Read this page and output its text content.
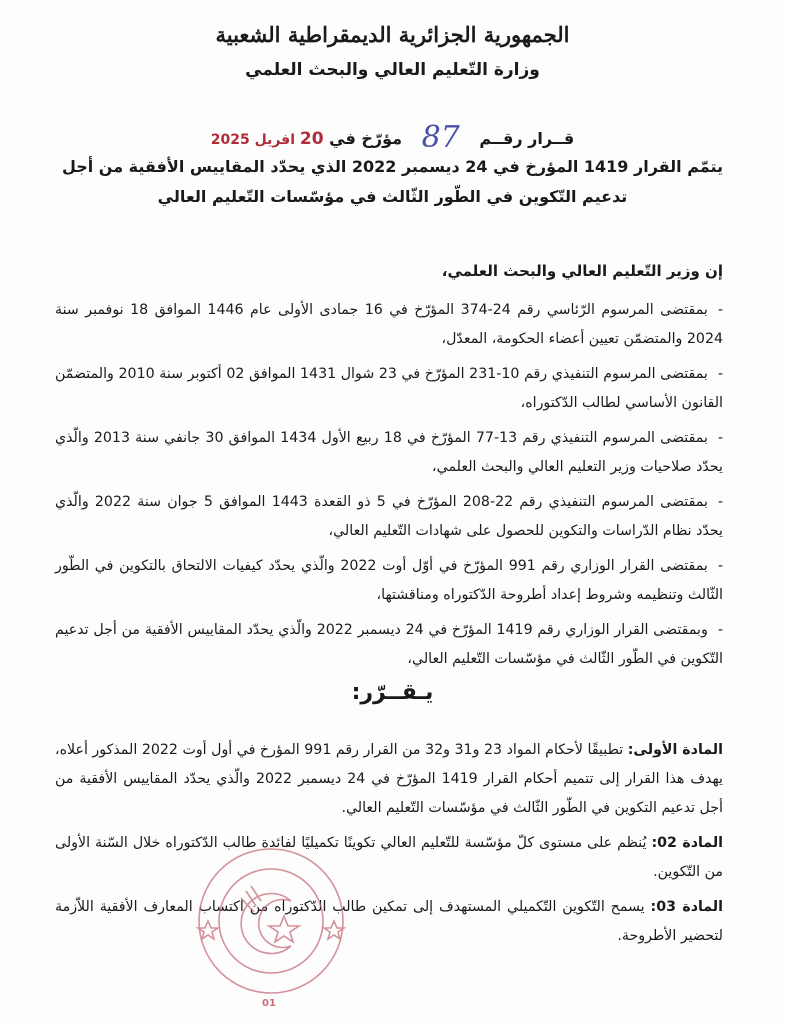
الجمهورية الجزائرية الديمقراطية الشعبية
وزارة التّعليم العالي والبحث العلمي
قــرار رقــم 87 مؤرّخ في 20 افريل 2025
يتمّم القرار 1419 المؤرخ في 24 ديسمبر 2022 الذي يحدّد المقاييس الأفقية من أجل تدعيم التّكوين في الطّور الثّالث في مؤسّسات التّعليم العالي
إن وزير التّعليم العالي والبحث العلمي،
-بمقتضى المرسوم الرّئاسي رقم 24-374 المؤرّخ في 16 جمادى الأولى عام 1446 الموافق 18 نوفمبر سنة 2024 والمتضمّن تعيين أعضاء الحكومة، المعدّل،
-بمقتضى المرسوم التنفيذي رقم 10-231 المؤرّخ في 23 شوال 1431 الموافق 02 أكتوبر سنة 2010 والمتضمّن القانون الأساسي لطالب الدّكتوراه،
-بمقتضى المرسوم التنفيذي رقم 13-77 المؤرّخ في 18 ربيع الأول 1434 الموافق 30 جانفي سنة 2013 والّذي يحدّد صلاحيات وزير التعليم العالي والبحث العلمي،
-بمقتضى المرسوم التنفيذي رقم 22-208 المؤرّخ في 5 ذو القعدة 1443 الموافق 5 جوان سنة 2022 والّذي يحدّد نظام الدّراسات والتكوين للحصول على شهادات التّعليم العالي،
-بمقتضى القرار الوزاري رقم 991 المؤرّخ في أوّل أوت 2022 والّذي يحدّد كيفيات الالتحاق بالتكوين في الطّور الثّالث وتنظيمه وشروط إعداد أطروحة الدّكتوراه ومناقشتها،
-وبمقتضى القرار الوزاري رقم 1419 المؤرّخ في 24 ديسمبر 2022 والّذي يحدّد المقاييس الأفقية من أجل تدعيم التّكوين في الطّور الثّالث في مؤسّسات التّعليم العالي،
يـقــرّر:
المادة الأولى: تطبيقًا لأحكام المواد 23 و31 و32 من القرار رقم 991 المؤرخ في أول أوت 2022 المذكور أعلاه، يهدف هذا القرار إلى تتميم أحكام القرار 1419 المؤرّخ في 24 ديسمبر 2022 والّذي يحدّد المقاييس الأفقية من أجل تدعيم التكوين في الطّور الثّالث في مؤسّسات التّعليم العالي.
المادة 02: يُنظم على مستوى كلّ مؤسّسة للتّعليم العالي تكوينًا تكميليًا لفائدة طالب الدّكتوراه خلال السّنة الأولى من التّكوين.
المادة 03: يسمح التّكوين التّكميلي المستهدف إلى تمكين طالب الدّكتوراه من اكتساب المعارف الأفقية اللاّزمة لتحضير الأطروحة.
01
